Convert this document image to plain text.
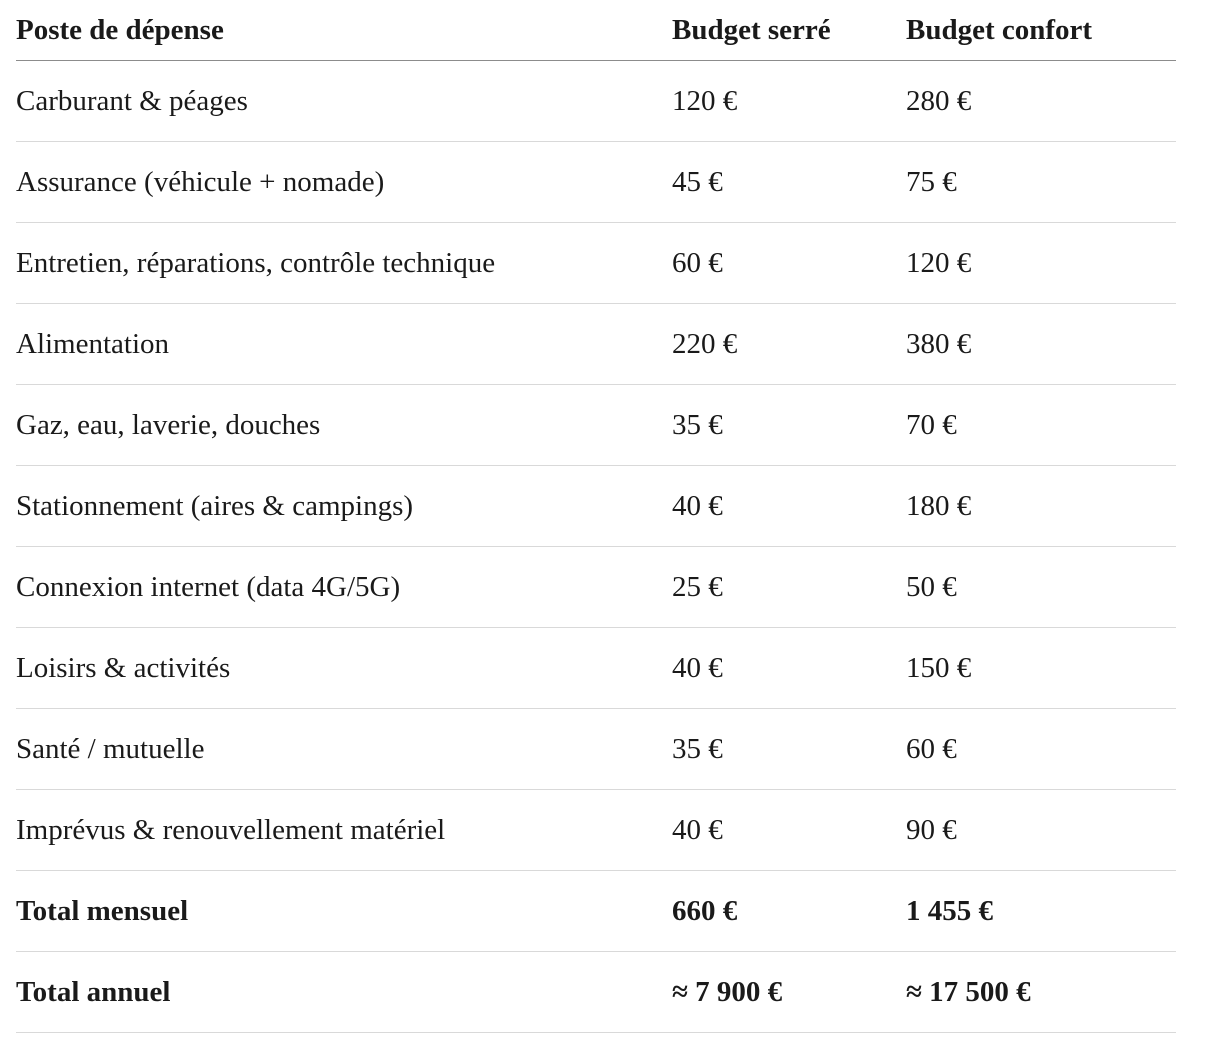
Poste de dépense	Budget serré	Budget confort
Carburant & péages	120 €	280 €
Assurance (véhicule + nomade)	45 €	75 €
Entretien, réparations, contrôle technique	60 €	120 €
Alimentation	220 €	380 €
Gaz, eau, laverie, douches	35 €	70 €
Stationnement (aires & campings)	40 €	180 €
Connexion internet (data 4G/5G)	25 €	50 €
Loisirs & activités	40 €	150 €
Santé / mutuelle	35 €	60 €
Imprévus & renouvellement matériel	40 €	90 €
Total mensuel	660 €	1 455 €
Total annuel	≈ 7 900 €	≈ 17 500 €
